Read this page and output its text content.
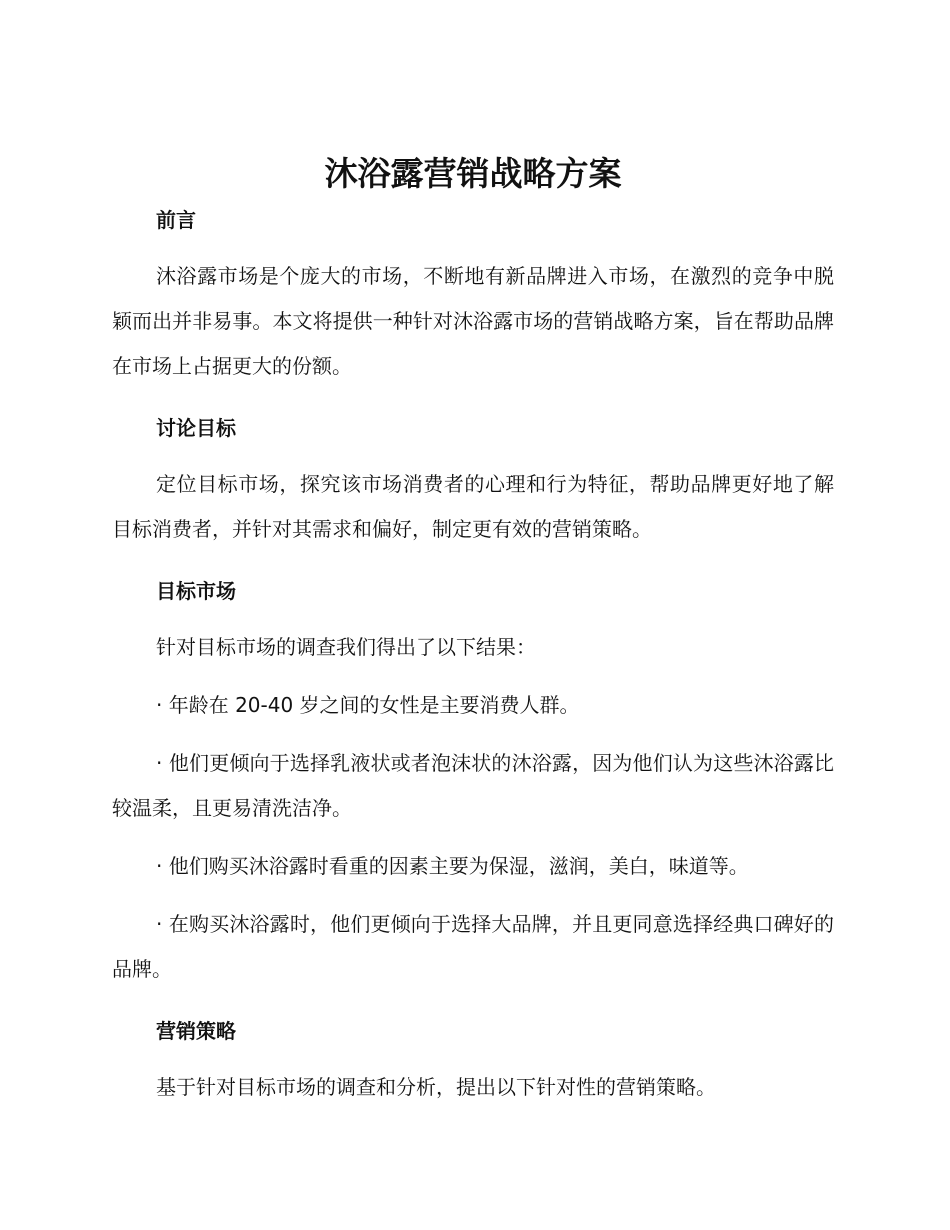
沐浴露营销战略方案
前言
沐浴露市场是个庞大的市场，不断地有新品牌进入市场，在激烈的竞争中脱颖而出并非易事。本文将提供一种针对沐浴露市场的营销战略方案，旨在帮助品牌在市场上占据更大的份额。
讨论目标
定位目标市场，探究该市场消费者的心理和行为特征，帮助品牌更好地了解目标消费者，并针对其需求和偏好，制定更有效的营销策略。
目标市场
针对目标市场的调查我们得出了以下结果：
· 年龄在 20-40 岁之间的女性是主要消费人群。
· 他们更倾向于选择乳液状或者泡沫状的沐浴露，因为他们认为这些沐浴露比较温柔，且更易清洗洁净。
· 他们购买沐浴露时看重的因素主要为保湿，滋润，美白，味道等。
· 在购买沐浴露时，他们更倾向于选择大品牌，并且更同意选择经典口碑好的品牌。
营销策略
基于针对目标市场的调查和分析，提出以下针对性的营销策略。
